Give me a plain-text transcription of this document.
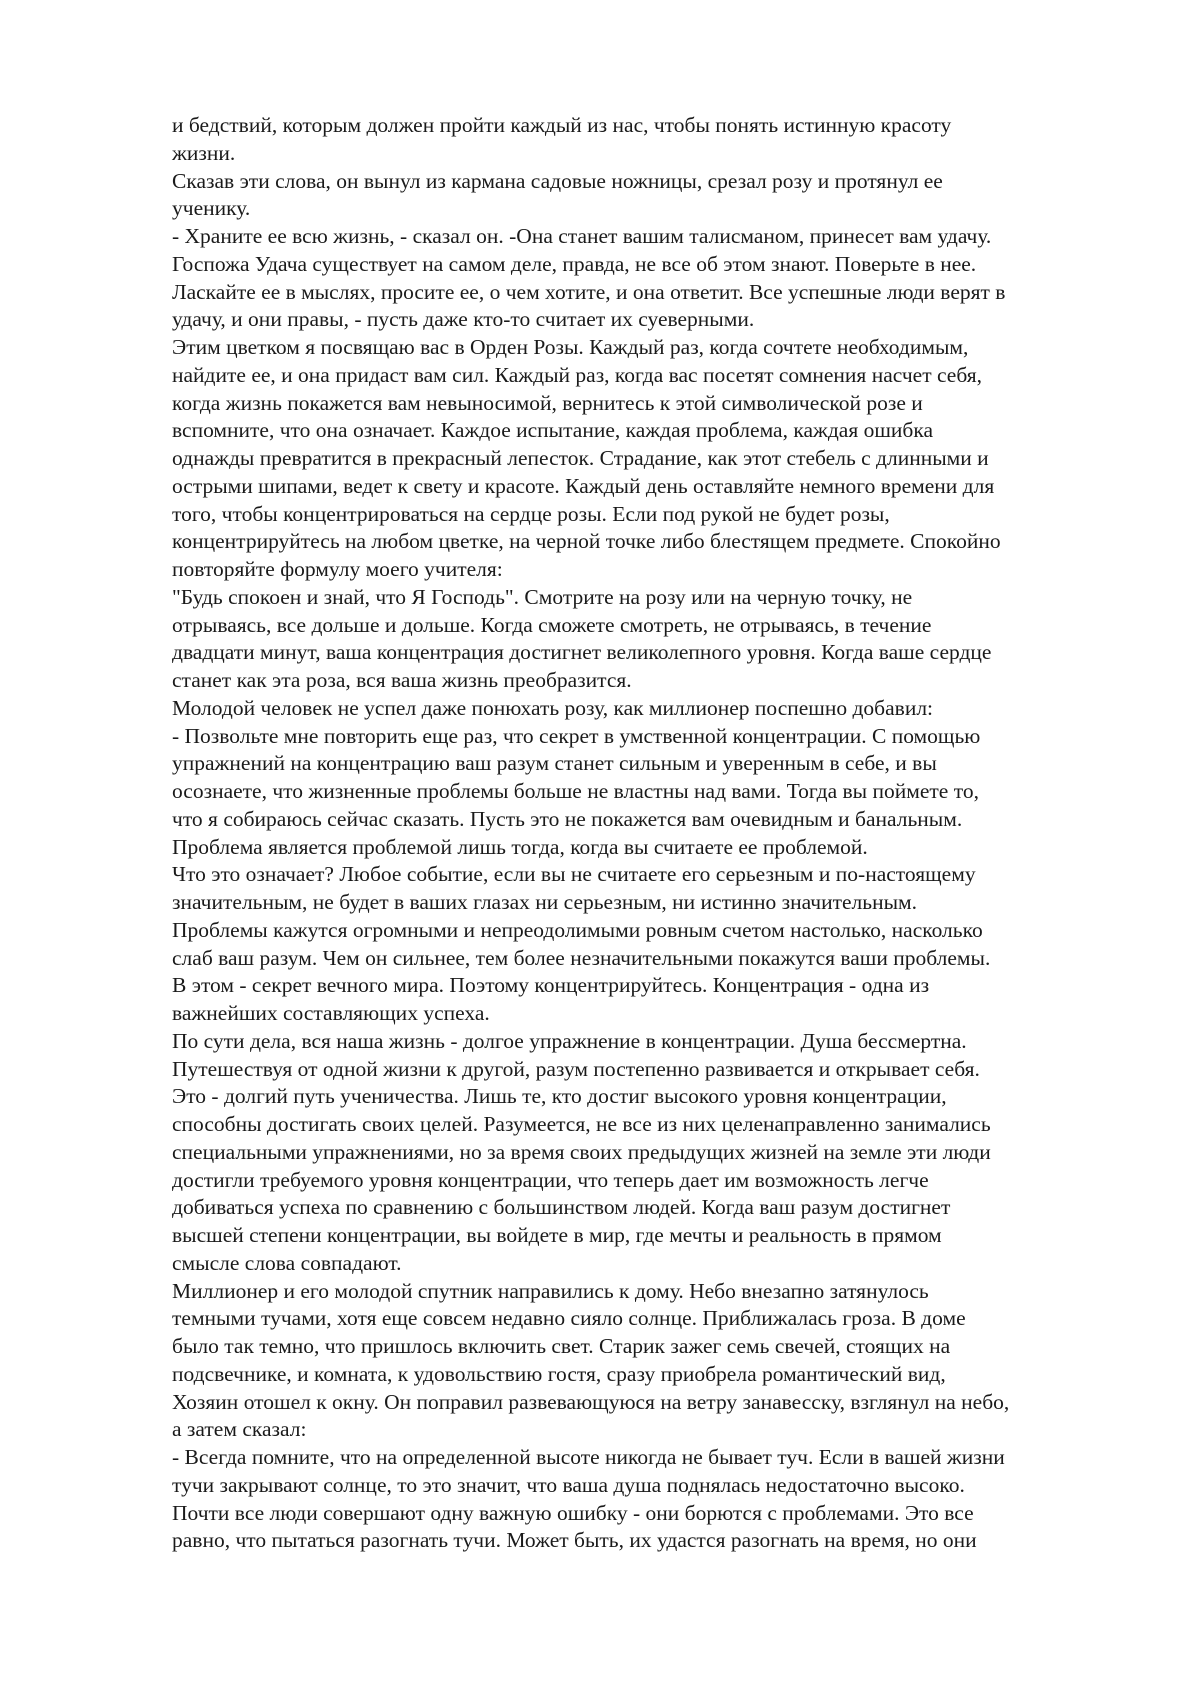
и бедствий, которым должен пройти каждый из нас, чтобы понять истинную красоту
жизни.
Сказав эти слова, он вынул из кармана садовые ножницы, срезал розу и протянул ее
ученику.
- Храните ее всю жизнь, - сказал он. -Она станет вашим талисманом, принесет вам удачу.
Госпожа Удача существует на самом деле, правда, не все об этом знают. Поверьте в нее.
Ласкайте ее в мыслях, просите ее, о чем хотите, и она ответит. Все успешные люди верят в
удачу, и они правы, - пусть даже кто-то считает их суеверными.
Этим цветком я посвящаю вас в Орден Розы. Каждый раз, когда сочтете необходимым,
найдите ее, и она придаст вам сил. Каждый раз, когда вас посетят сомнения насчет себя,
когда жизнь покажется вам невыносимой, вернитесь к этой символической розе и
вспомните, что она означает. Каждое испытание, каждая проблема, каждая ошибка
однажды превратится в прекрасный лепесток. Страдание, как этот стебель с длинными и
острыми шипами, ведет к свету и красоте. Каждый день оставляйте немного времени для
того, чтобы концентрироваться на сердце розы. Если под рукой не будет розы,
концентрируйтесь на любом цветке, на черной точке либо блестящем предмете. Спокойно
повторяйте формулу моего учителя:
"Будь спокоен и знай, что Я Господь". Смотрите на розу или на черную точку, не
отрываясь, все дольше и дольше. Когда сможете смотреть, не отрываясь, в течение
двадцати минут, ваша концентрация достигнет великолепного уровня. Когда ваше сердце
станет как эта роза, вся ваша жизнь преобразится.
Молодой человек не успел даже понюхать розу, как миллионер поспешно добавил:
- Позвольте мне повторить еще раз, что секрет в умственной концентрации. С помощью
упражнений на концентрацию ваш разум станет сильным и уверенным в себе, и вы
осознаете, что жизненные проблемы больше не властны над вами. Тогда вы поймете то,
что я собираюсь сейчас сказать. Пусть это не покажется вам очевидным и банальным.
Проблема является проблемой лишь тогда, когда вы считаете ее проблемой.
Что это означает? Любое событие, если вы не считаете его серьезным и по-настоящему
значительным, не будет в ваших глазах ни серьезным, ни истинно значительным.
Проблемы кажутся огромными и непреодолимыми ровным счетом настолько, насколько
слаб ваш разум. Чем он сильнее, тем более незначительными покажутся ваши проблемы.
В этом - секрет вечного мира. Поэтому концентрируйтесь. Концентрация - одна из
важнейших составляющих успеха.
По сути дела, вся наша жизнь - долгое упражнение в концентрации. Душа бессмертна.
Путешествуя от одной жизни к другой, разум постепенно развивается и открывает себя.
Это - долгий путь ученичества. Лишь те, кто достиг высокого уровня концентрации,
способны достигать своих целей. Разумеется, не все из них целенаправленно занимались
специальными упражнениями, но за время своих предыдущих жизней на земле эти люди
достигли требуемого уровня концентрации, что теперь дает им возможность легче
добиваться успеха по сравнению с большинством людей. Когда ваш разум достигнет
высшей степени концентрации, вы войдете в мир, где мечты и реальность в прямом
смысле слова совпадают.
Миллионер и его молодой спутник направились к дому. Небо внезапно затянулось
темными тучами, хотя еще совсем недавно сияло солнце. Приближалась гроза. В доме
было так темно, что пришлось включить свет. Старик зажег семь свечей, стоящих на
подсвечнике, и комната, к удовольствию гостя, сразу приобрела романтический вид,
Хозяин отошел к окну. Он поправил развевающуюся на ветру занавесску, взглянул на небо,
а затем сказал:
- Всегда помните, что на определенной высоте никогда не бывает туч. Если в вашей жизни
тучи закрывают солнце, то это значит, что ваша душа поднялась недостаточно высоко.
Почти все люди совершают одну важную ошибку - они борются с проблемами. Это все
равно, что пытаться разогнать тучи. Может быть, их удастся разогнать на время, но они
